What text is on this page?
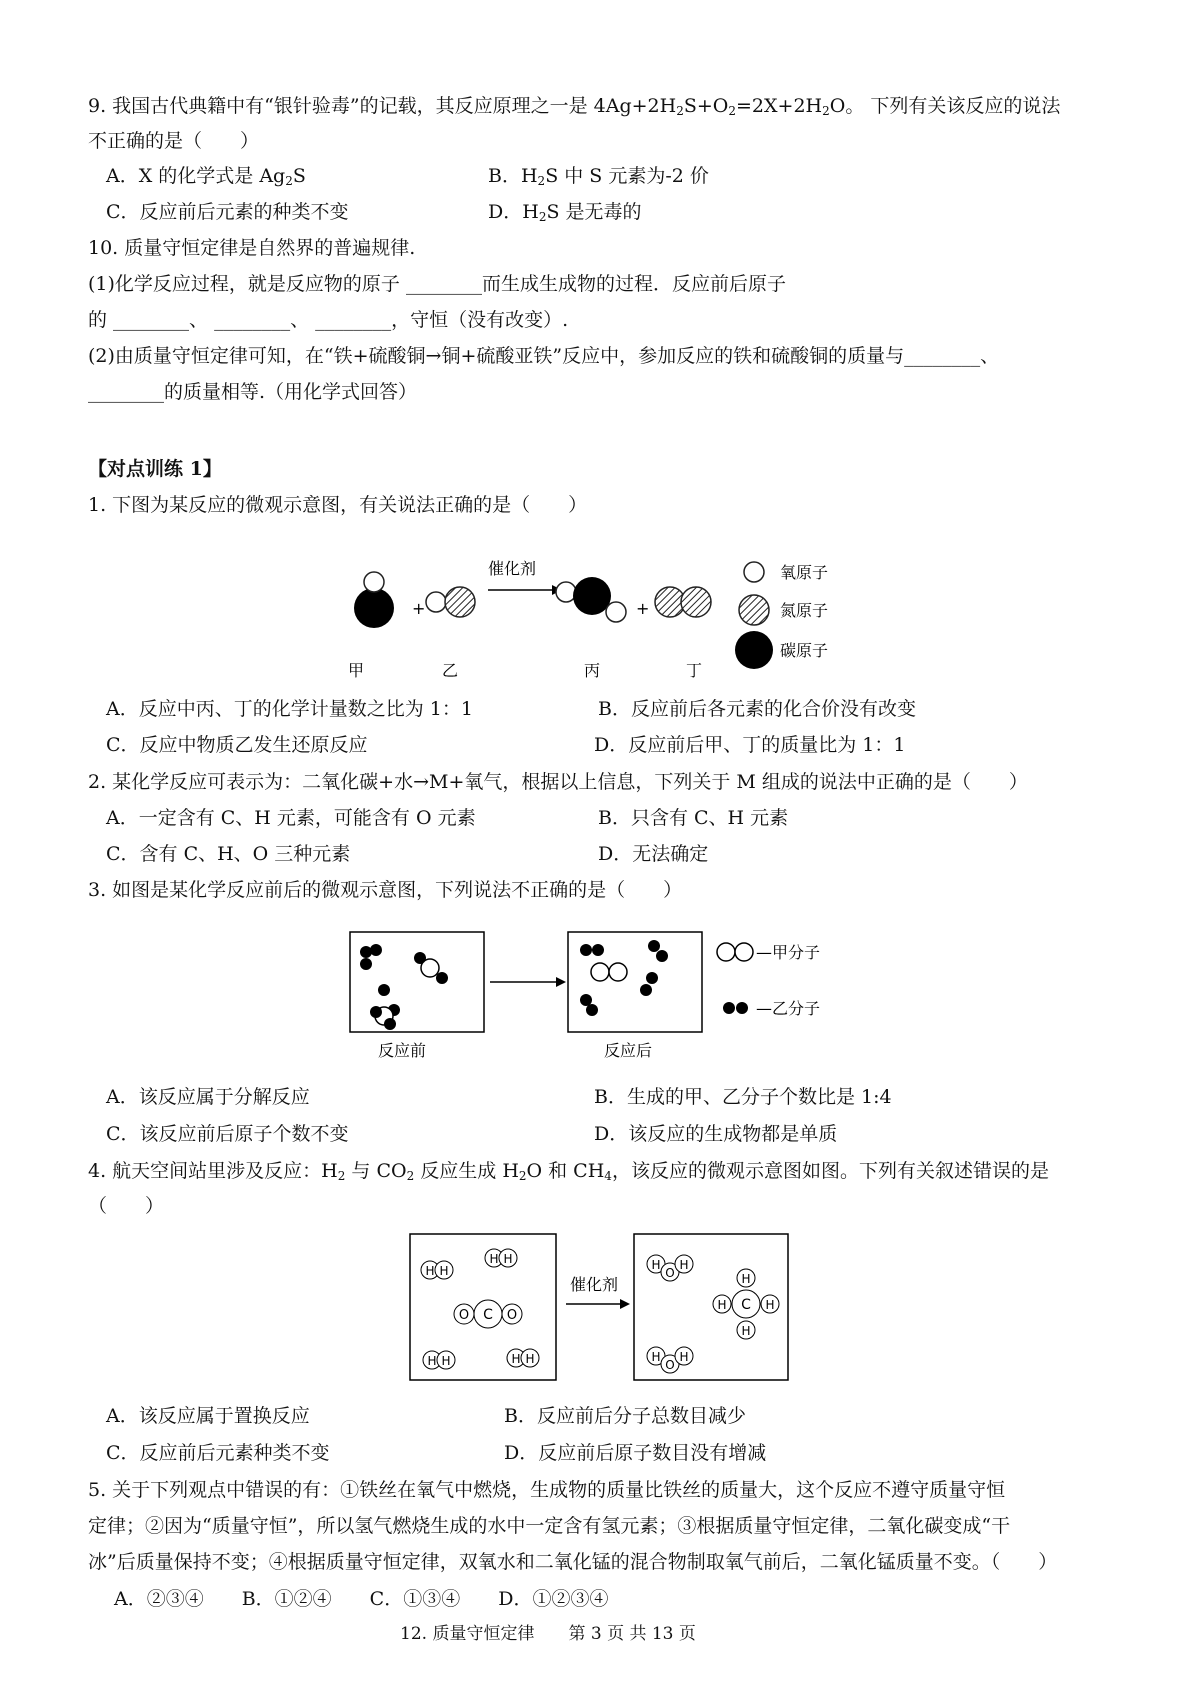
9. 我国古代典籍中有“银针验毒”的记载，其反应原理之一是 $4Ag+2H_2S+O_2=2X+2H_2O$。 下列有关该反应的说法
不正确的是（　　）
A．X 的化学式是 $Ag_2S$	B．$H_2S$ 中 S 元素为-2 价
C．反应前后元素的种类不变	D．$H_2S$ 是无毒的
10. 质量守恒定律是自然界的普遍规律.
(1)化学反应过程，就是反应物的原子 ________而生成生成物的过程．反应前后原子
的 ________、 ________、 ________，守恒（没有改变）.
(2)由质量守恒定律可知，在“铁+硫酸铜→铜+硫酸亚铁”反应中，参加反应的铁和硫酸铜的质量与________、
________的质量相等.（用化学式回答）
【对点训练 1】
1. 下图为某反应的微观示意图，有关说法正确的是（　　）
+
催化剂
+
甲	乙	丙	丁
氧原子
氮原子
碳原子
A．反应中丙、丁的化学计量数之比为 1：1	B．反应前后各元素的化合价没有改变
C．反应中物质乙发生还原反应	D．反应前后甲、丁的质量比为 1：1
2. 某化学反应可表示为：二氧化碳+水→M+氧气，根据以上信息，下列关于 M 组成的说法中正确的是（　　）
A．一定含有 C、H 元素，可能含有 O 元素	B．只含有 C、H 元素
C．含有 C、H、O 三种元素	D．无法确定
3. 如图是某化学反应前后的微观示意图，下列说法不正确的是（　　）
反应前	反应后
—甲分子
—乙分子
A．该反应属于分解反应	B．生成的甲、乙分子个数比是 1:4
C．该反应前后原子个数不变	D．该反应的生成物都是单质
4. 航天空间站里涉及反应：$H_2$ 与 $CO_2$ 反应生成 $H_2O$ 和 $CH_4$，该反应的微观示意图如图。下列有关叙述错误的是
（　　）
H H
H H
O C O
H H	H H
催化剂
H
O
H
H
H C H
H
H
O
H
A．该反应属于置换反应	B．反应前后分子总数目减少
C．反应前后元素种类不变	D．反应前后原子数目没有增减
5. 关于下列观点中错误的有：①铁丝在氧气中燃烧，生成物的质量比铁丝的质量大，这个反应不遵守质量守恒
定律；②因为“质量守恒”，所以氢气燃烧生成的水中一定含有氢元素；③根据质量守恒定律，二氧化碳变成“干
冰”后质量保持不变；④根据质量守恒定律，双氧水和二氧化锰的混合物制取氧气前后，二氧化锰质量不变。（　　）
A．②③④　　B．①②④　　C．①③④　　D．①②③④
12. 质量守恒定律　　第 3 页 共 13 页
